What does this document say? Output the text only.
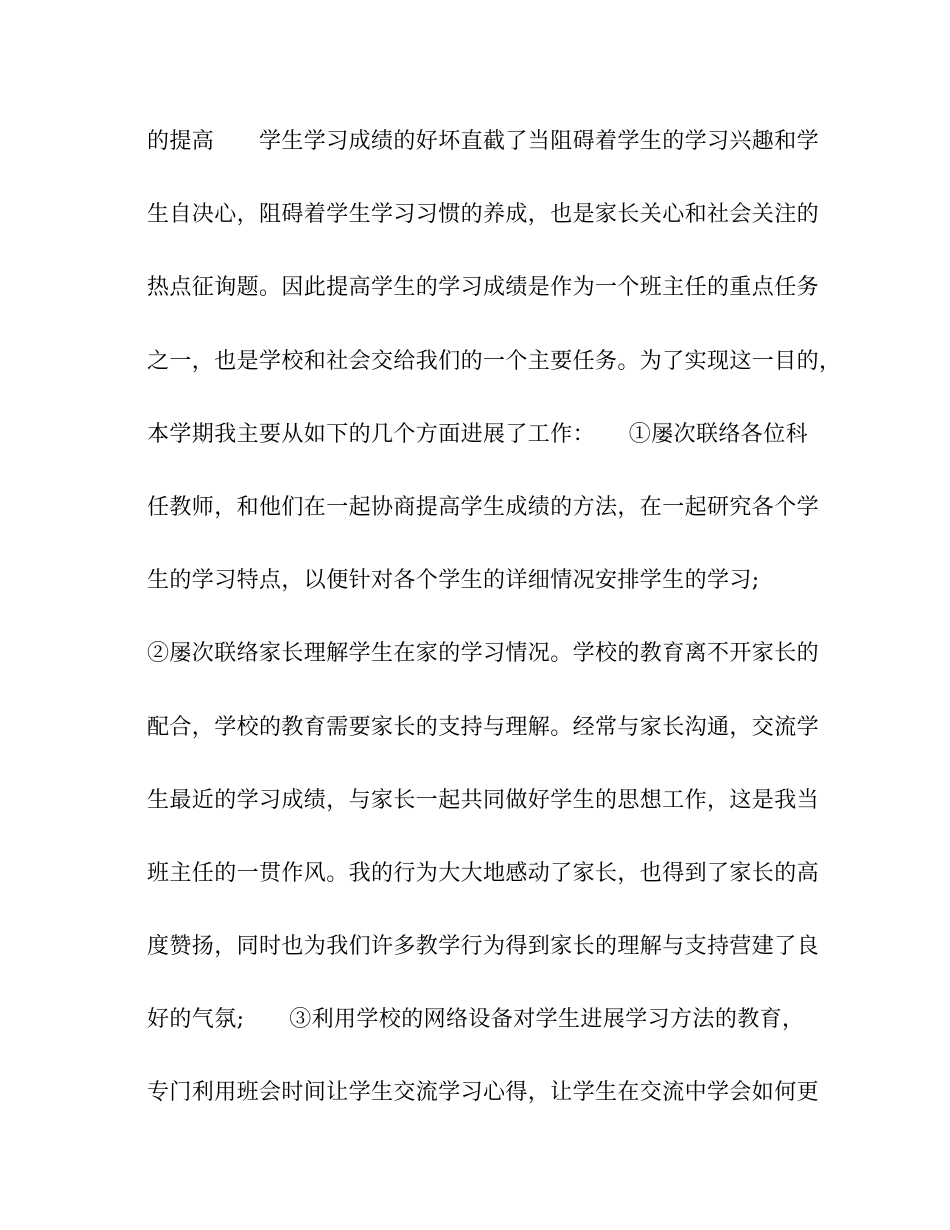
的提高　　学生学习成绩的好坏直截了当阻碍着学生的学习兴趣和学
生自决心，阻碍着学生学习习惯的养成，也是家长关心和社会关注的
热点征询题。因此提高学生的学习成绩是作为一个班主任的重点任务
之一，也是学校和社会交给我们的一个主要任务。为了实现这一目的，
本学期我主要从如下的几个方面进展了工作：　　①屡次联络各位科
任教师，和他们在一起协商提高学生成绩的方法，在一起研究各个学
生的学习特点，以便针对各个学生的详细情况安排学生的学习;
②屡次联络家长理解学生在家的学习情况。学校的教育离不开家长的
配合，学校的教育需要家长的支持与理解。经常与家长沟通，交流学
生最近的学习成绩，与家长一起共同做好学生的思想工作，这是我当
班主任的一贯作风。我的行为大大地感动了家长，也得到了家长的高
度赞扬，同时也为我们许多教学行为得到家长的理解与支持营建了良
好的气氛;　　③利用学校的网络设备对学生进展学习方法的教育，
专门利用班会时间让学生交流学习心得，让学生在交流中学会如何更
